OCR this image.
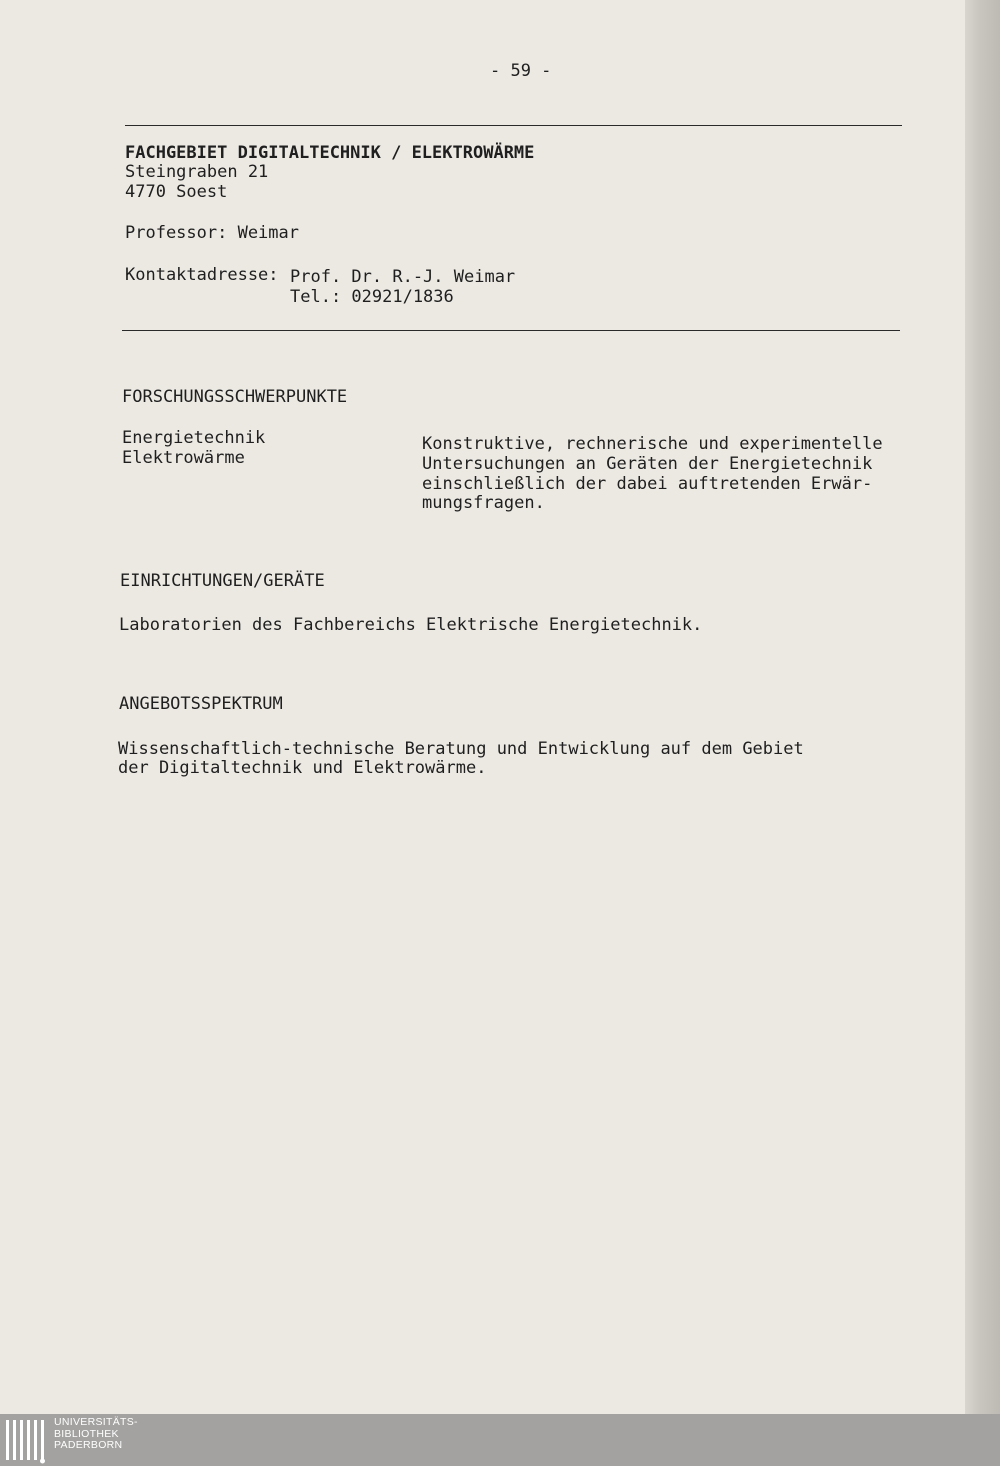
- 59 -
FACHGEBIET DIGITALTECHNIK / ELEKTROWÄRME
Steingraben 21
4770 Soest
Professor: Weimar
Kontaktadresse: Prof. Dr. R.-J. Weimar
Tel.: 02921/1836
FORSCHUNGSSCHWERPUNKTE
Energietechnik
Elektrowärme
Konstruktive, rechnerische und experimentelle
Untersuchungen an Geräten der Energietechnik
einschließlich der dabei auftretenden Erwär-
mungsfragen.
EINRICHTUNGEN/GERÄTE
Laboratorien des Fachbereichs Elektrische Energietechnik.
ANGEBOTSSPEKTRUM
Wissenschaftlich-technische Beratung und Entwicklung auf dem Gebiet
der Digitaltechnik und Elektrowärme.
UNIVERSITÄTS-
BIBLIOTHEK
PADERBORN
